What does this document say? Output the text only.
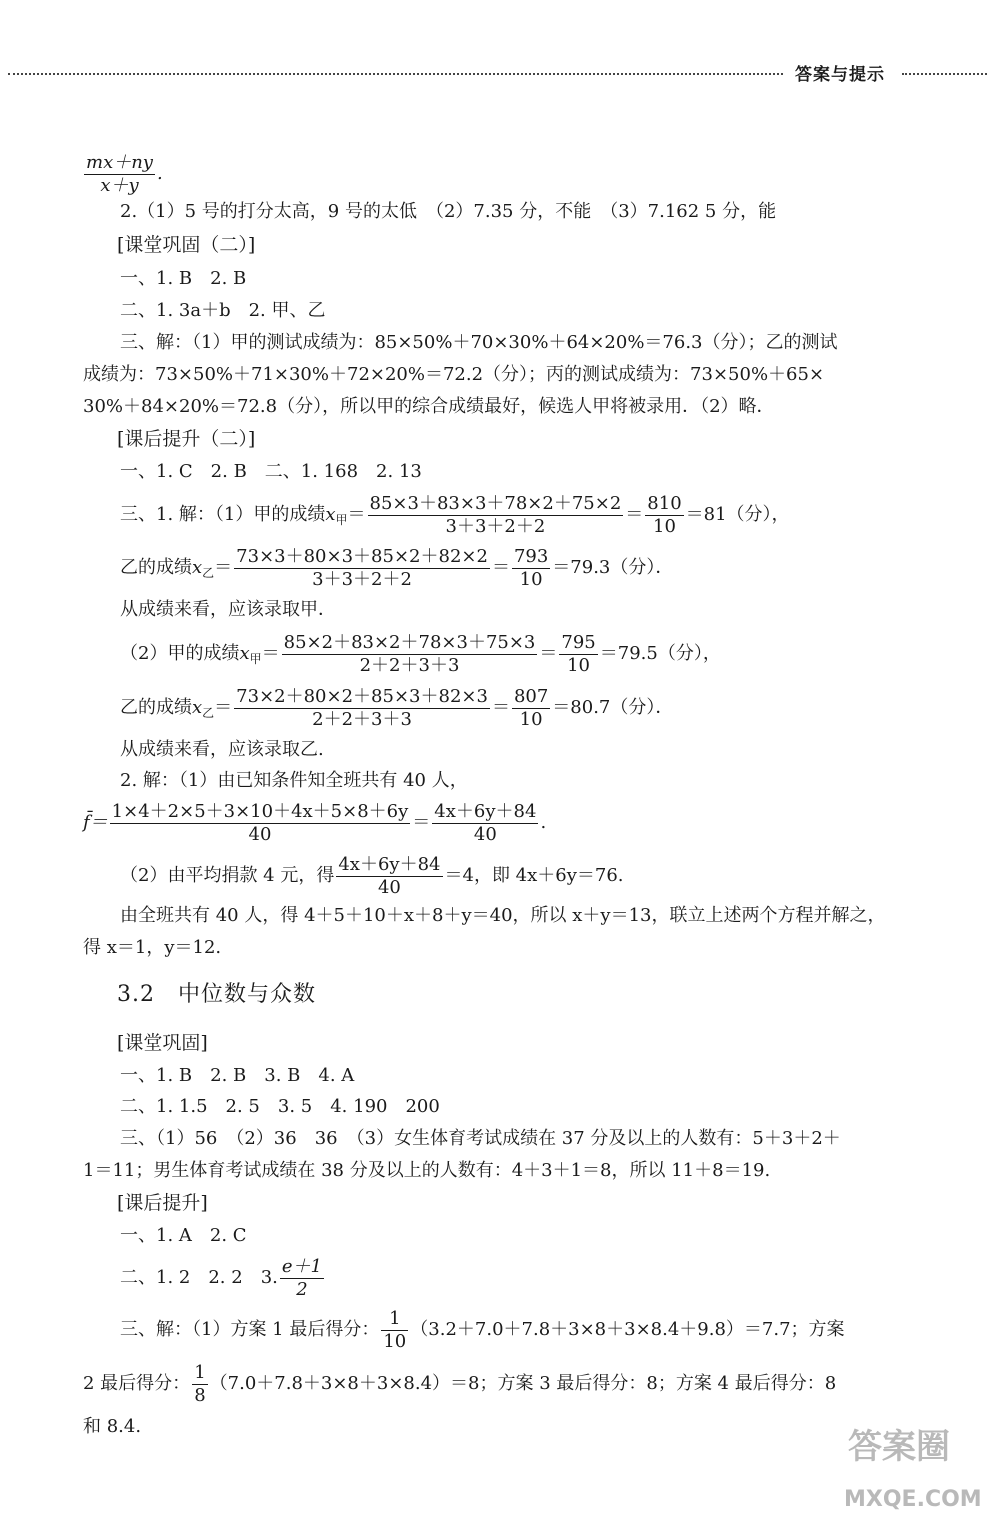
答案与提示
$\frac{mx+ny}{x+y}$ .
2.（1）5 号的打分太高，9 号的太低　（2）7.35 分，不能　（3）7.162 5 分，能
[课堂巩固（二）]
一、1. B　2. B
二、1. 3a＋b　2. 甲、乙
三、解：（1）甲的测试成绩为：85×50%＋70×30%＋64×20%＝76.3（分）；乙的测试
成绩为：73×50%＋71×30%＋72×20%＝72.2（分）；丙的测试成绩为：73×50%＋65×
30%＋84×20%＝72.8（分），所以甲的综合成绩最好，候选人甲将被录用．（2）略．
[课后提升（二）]
一、1. C　2. B　二、1. 168　2. 13
三、1. 解：（1）甲的成绩$x_甲= \frac{85\times 3+83\times 3+78\times 2+75\times 2}{3+3+2+2} = \frac{810}{10} =81$（分），
乙的成绩$x_乙= \frac{73\times 3+80\times 3+85\times 2+82\times 2}{3+3+2+2} = \frac{793}{10} =79.3$（分）．
从成绩来看，应该录取甲．
（2）甲的成绩$x_甲= \frac{85\times 2+83\times 2+78\times 3+75\times 3}{2+2+3+3} = \frac{795}{10} =79.5$（分），
乙的成绩$x_乙= \frac{73\times 2+80\times 2+85\times 3+82\times 3}{2+2+3+3} = \frac{807}{10} =80.7$（分）．
从成绩来看，应该录取乙.
2. 解：（1）由已知条件知全班共有 40 人，
f̄＝ $\frac{1\times 4+2\times 5+3\times 10+4x+5\times 8+6y}{40} = \frac{4x+6y+84}{40}$ .
（2）由平均捐款 4 元，得 $\frac{4x+6y+84}{40} =4$，即 4x＋6y＝76.
由全班共有 40 人，得 4＋5＋10＋x＋8＋y＝40，所以 x＋y＝13，联立上述两个方程并解之，
得 x＝1，y＝12.
3.2　中位数与众数
[课堂巩固]
一、1. B　2. B　3. B　4. A
二、1. 1.5　2. 5　3. 5　4. 190　200
三、（1）56　（2）36　36　（3）女生体育考试成绩在 37 分及以上的人数有：5＋3＋2＋
1＝11；男生体育考试成绩在 38 分及以上的人数有：4＋3＋1＝8，所以 11＋8＝19.
[课后提升]
一、1. A　2. C
二、1. 2　2. 2　3. $\frac{e+1}{2}$
三、解：（1）方案 1 最后得分： $\frac{1}{10} (3.2+7.0+7.8+3\times 8+3\times 8.4+9.8)=7.7$；方案
2 最后得分： $\frac{1}{8} (7.0+7.8+3\times 8+3\times 8.4)=8$；方案 3 最后得分：8；方案 4 最后得分：8
和 8.4.
答案圈
MXQE.COM
